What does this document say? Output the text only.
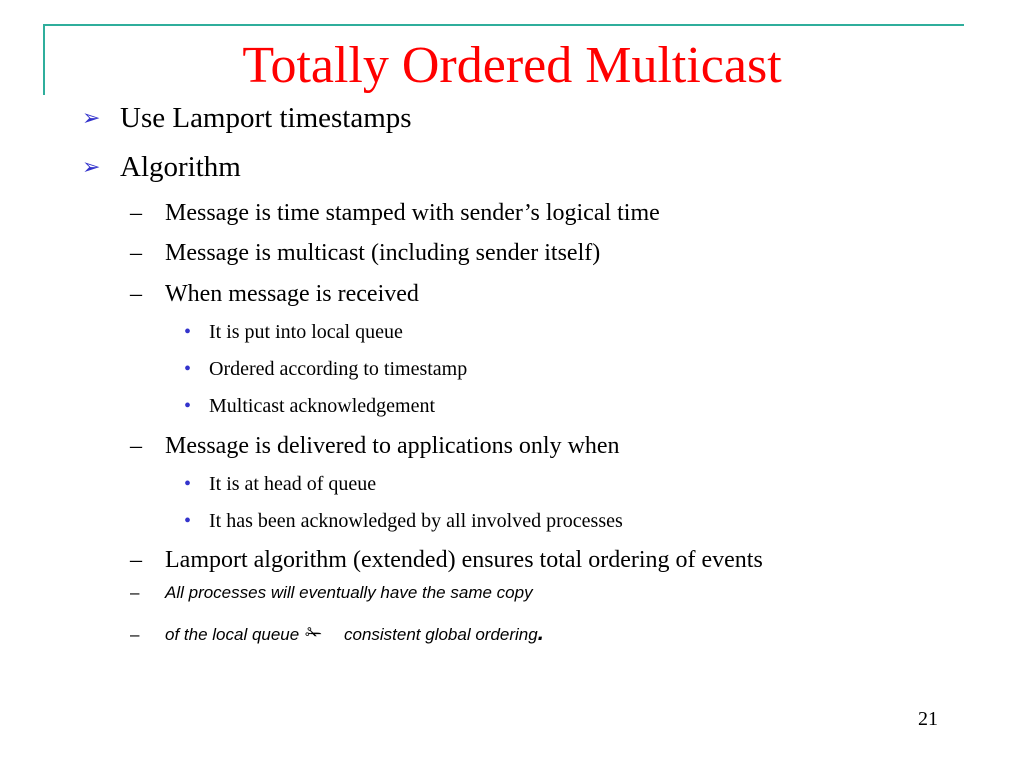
Totally Ordered Multicast
➢ Use Lamport timestamps
➢ Algorithm
– Message is time stamped with sender’s logical time
– Message is multicast (including sender itself)
– When message is received
• It is put into local queue
• Ordered according to timestamp
• Multicast acknowledgement
– Message is delivered to applications only when
• It is at head of queue
• It has been acknowledged by all involved processes
– Lamport algorithm (extended) ensures total ordering of events
– All processes will eventually have the same copy
– of the local queue ✁ consistent global ordering.
21
